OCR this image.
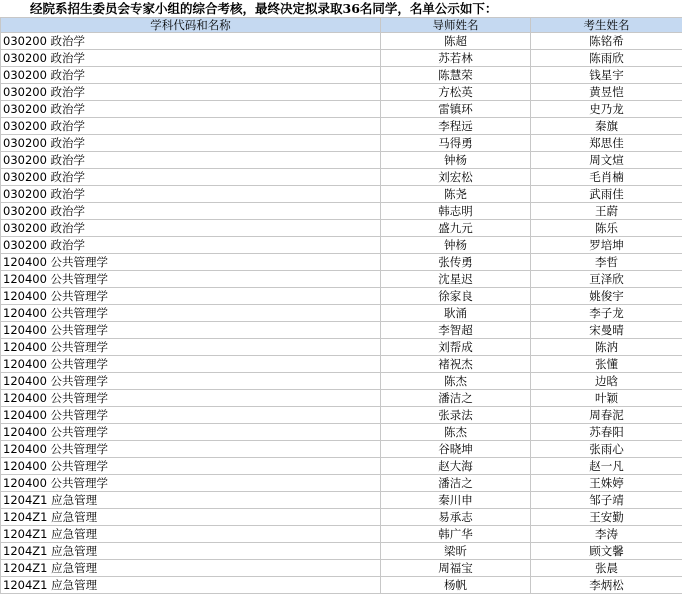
经院系招生委员会专家小组的综合考核，最终决定拟录取36名同学，名单公示如下：
学科代码和名称	导师姓名	考生姓名
030200 政治学	陈超	陈铭希
030200 政治学	苏若林	陈雨欣
030200 政治学	陈慧荣	钱星宇
030200 政治学	方松英	黄昱恺
030200 政治学	雷镇环	史乃龙
030200 政治学	李程远	秦旗
030200 政治学	马得勇	郑思佳
030200 政治学	钟杨	周文煊
030200 政治学	刘宏松	毛肖楠
030200 政治学	陈尧	武雨佳
030200 政治学	韩志明	王蔚
030200 政治学	盛九元	陈乐
030200 政治学	钟杨	罗培坤
120400 公共管理学	张传勇	李哲
120400 公共管理学	沈星迟	亘泽欣
120400 公共管理学	徐家良	姚俊宇
120400 公共管理学	耿涌	李子龙
120400 公共管理学	李智超	宋曼晴
120400 公共管理学	刘帮成	陈汭
120400 公共管理学	褚祝杰	张懂
120400 公共管理学	陈杰	边晗
120400 公共管理学	潘洁之	叶颖
120400 公共管理学	张录法	周春泥
120400 公共管理学	陈杰	苏春阳
120400 公共管理学	谷晓坤	张雨心
120400 公共管理学	赵大海	赵一凡
120400 公共管理学	潘洁之	王姝婷
1204Z1 应急管理	秦川申	邹子靖
1204Z1 应急管理	易承志	王安勤
1204Z1 应急管理	韩广华	李涛
1204Z1 应急管理	梁昕	顾文馨
1204Z1 应急管理	周福宝	张晨
1204Z1 应急管理	杨帆	李炳松
